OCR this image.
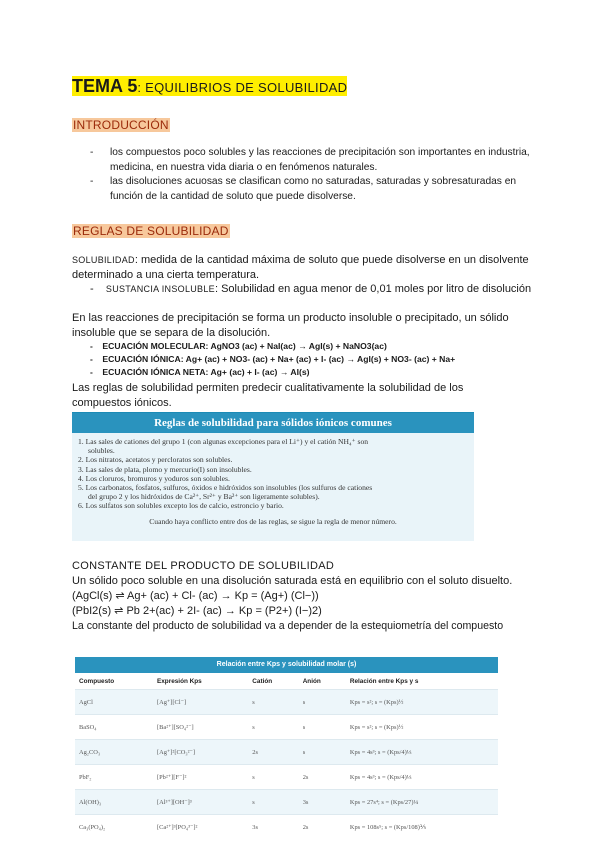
TEMA 5: EQUILIBRIOS DE SOLUBILIDAD
INTRODUCCIÓN
- los compuestos poco solubles y las reacciones de precipitación son importantes en industria, medicina, en nuestra vida diaria o en fenómenos naturales.
- las disoluciones acuosas se clasifican como no saturadas, saturadas y sobresaturadas en función de la cantidad de soluto que puede disolverse.
REGLAS DE SOLUBILIDAD
SOLUBILIDAD: medida de la cantidad máxima de soluto que puede disolverse en un disolvente determinado a una cierta temperatura.
-    SUSTANCIA INSOLUBLE: Solubilidad en agua menor de 0,01 moles por litro de disolución
En las reacciones de precipitación se forma un producto insoluble o precipitado, un sólido insoluble que se separa de la disolución.
-    ECUACIÓN MOLECULAR: AgNO3 (ac) + NaI(ac) → AgI(s) + NaNO3(ac)
-    ECUACIÓN IÓNICA: Ag+ (ac) + NO3- (ac) + Na+ (ac) + I- (ac) → AgI(s) + NO3- (ac) + Na+
-    ECUACIÓN IÓNICA NETA: Ag+ (ac) + I- (ac) → AI(s)
Las reglas de solubilidad permiten predecir cualitativamente la solubilidad de los compuestos iónicos.
Reglas de solubilidad para sólidos iónicos comunes
1. Las sales de cationes del grupo 1 (con algunas excepciones para el Li⁺) y el catión NH₄⁺ son
solubles.
2. Los nitratos, acetatos y percloratos son solubles.
3. Las sales de plata, plomo y mercurio(I) son insolubles.
4. Los cloruros, bromuros y yoduros son solubles.
5. Los carbonatos, fosfatos, sulfuros, óxidos e hidróxidos son insolubles (los sulfuros de cationes
del grupo 2 y los hidróxidos de Ca²⁺, Sr²⁺ y Ba²⁺ son ligeramente solubles).
6. Los sulfatos son solubles excepto los de calcio, estroncio y bario.
Cuando haya conflicto entre dos de las reglas, se sigue la regla de menor número.
CONSTANTE DEL PRODUCTO DE SOLUBILIDAD
Un sólido poco soluble en una disolución saturada está en equilibrio con el soluto disuelto.
(AgCl(s) ⇌ Ag+ (ac) + Cl- (ac) → Kp = (Ag+) (Cl−))
(PbI2(s) ⇌ Pb 2+(ac) + 2I- (ac) → Kp = (P2+) (I−)2)
La constante del producto de solubilidad va a depender de la estequiometría del compuesto
Relación entre Kps y solubilidad molar (s)
Compuesto	Expresión Kps	Catión	Anión	Relación entre Kps y s
AgCl	[Ag⁺][Cl⁻]	s	s	Kps = s²; s = (Kps)½
BaSO₄	[Ba²⁺][SO₄²⁻]	s	s	Kps = s²; s = (Kps)½
Ag₂CO₃	[Ag⁺]²[CO₃²⁻]	2s	s	Kps = 4s³; s = (Kps/4)⅓
PbF₂	[Pb²⁺][F⁻]²	s	2s	Kps = 4s³; s = (Kps/4)⅓
Al(OH)₃	[Al³⁺][OH⁻]³	s	3s	Kps = 27s⁴; s = (Kps/27)¼
Ca₃(PO₄)₂	[Ca²⁺]³[PO₄³⁻]²	3s	2s	Kps = 108s⁵; s = (Kps/108)⅕
